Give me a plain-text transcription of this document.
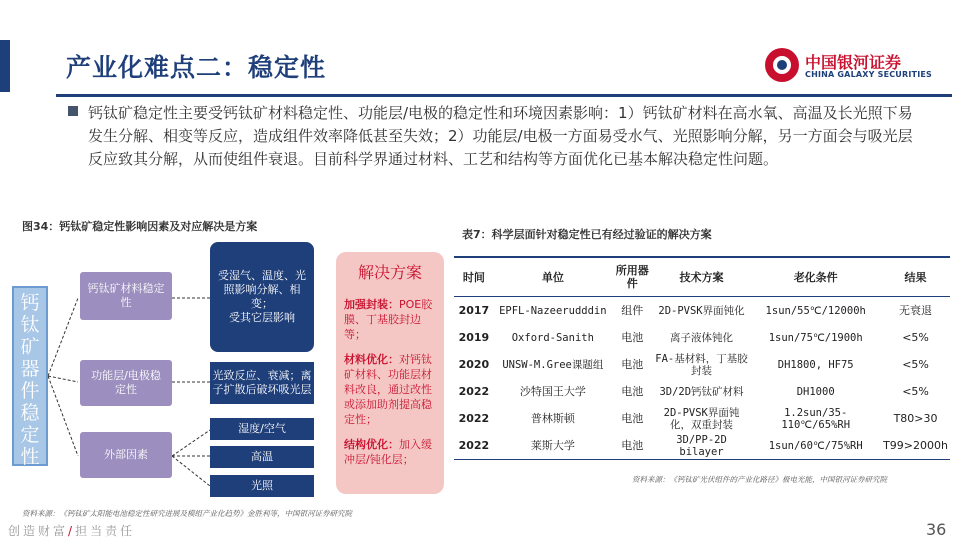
产业化难点二：稳定性	中国银河证券
CHINA GALAXY SECURITIES
钙钛矿稳定性主要受钙钛矿材料稳定性、功能层/电极的稳定性和环境因素影响：1）钙钛矿材料在高水氧、高温及长光照下易发生分解、相变等反应，造成组件效率降低甚至失效；2）功能层/电极一方面易受水气、光照影响分解，另一方面会与吸光层反应致其分解，从而使组件衰退。目前科学界通过材料、工艺和结构等方面优化已基本解决稳定性问题。
图34：钙钛矿稳定性影响因素及对应解决是方案
钙钛矿器件稳定性
钙钛矿材料稳定性
功能层/电极稳定性
外部因素
受湿气、温度、光照影响分解、相变；
受其它层影响
光致反应、衰减；离子扩散后破坏吸光层
湿度/空气
高温
光照
解决方案
加强封装：POE胶膜、丁基胶封边等；
材料优化：对钙钛矿材料、功能层材料改良，通过改性或添加助剂提高稳定性；
结构优化：加入缓冲层/钝化层；
资料来源：《钙钛矿太阳能电池稳定性研究进展及模组产业化趋势》金胜利等，中国银河证券研究院
表7：科学层面针对稳定性已有经过验证的解决方案
时间	单位	所用器件	技术方案	老化条件	结果
2017	EPFL-Nazeerudddin	组件	2D-PVSK界面钝化	1sun/55℃/12000h	无衰退
2019	Oxford-Sanith	电池	离子液体钝化	1sun/75℃/1900h	<5%
2020	UNSW-M.Gree课题组	电池	FA-基材料，丁基胶封装	DH1800, HF75	<5%
2022	沙特国王大学	电池	3D/2D钙钛矿材料	DH1000	<5%
2022	普林斯顿	电池	2D-PVSK界面钝化，双重封装	1.2sun/35-110℃/65%RH	T80>30
2022	莱斯大学	电池	3D/PP-2D bilayer	1sun/60℃/75%RH	T99>2000h
资料来源：《钙钛矿光伏组件的产业化路径》极电光能，中国银河证券研究院
创造财富/担当责任	36
